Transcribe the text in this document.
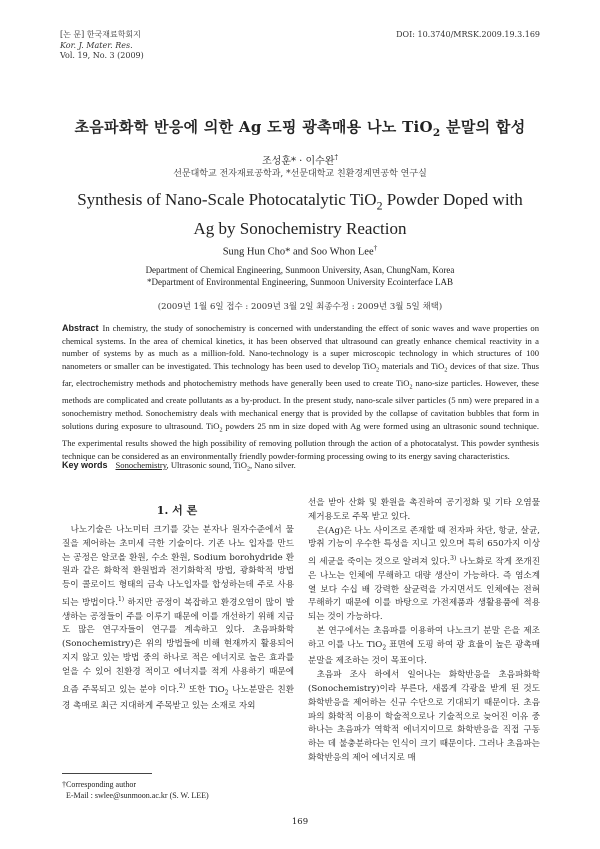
[논 문] 한국재료학회지
Kor. J. Mater. Res.
Vol. 19, No. 3 (2009)
DOI: 10.3740/MRSK.2009.19.3.169
초음파화학 반응에 의한 Ag 도핑 광촉매용 나노 TiO$_2$ 분말의 합성
조성훈* · 이수완†
선문대학교 전자재료공학과, *선문대학교 친환경계면공학 연구실
Synthesis of Nano-Scale Photocatalytic TiO$_2$ Powder Doped with
Ag by Sonochemistry Reaction
Sung Hun Cho* and Soo Whon Lee†
Department of Chemical Engineering, Sunmoon University, Asan, ChungNam, Korea
*Department of Environmental Engineering, Sunmoon University Ecointerface LAB
(2009년 1월 6일 접수 : 2009년 3월 2일 최종수정 : 2009년 3월 5일 채택)
Abstract In chemistry, the study of sonochemistry is concerned with understanding the effect of sonic waves and wave properties on chemical systems. In the area of chemical kinetics, it has been observed that ultrasound can greatly enhance chemical reactivity in a number of systems by as much as a million-fold. Nano-technology is a super microscopic technology in which structures of 100 nanometers or smaller can be investigated. This technology has been used to develop TiO$_2$ materials and TiO$_2$ devices of that size. Thus far, electrochemistry methods and photochemistry methods have generally been used to create TiO$_2$ nano-size particles. However, these methods are complicated and create pollutants as a by-product. In the present study, nano-scale silver particles (5 nm) were prepared in a sonochemistry method. Sonochemistry deals with mechanical energy that is provided by the collapse of cavitation bubbles that form in solutions during exposure to ultrasound. TiO$_2$ powders 25 nm in size doped with Ag were formed using an ultrasonic sound technique. The experimental results showed the high possibility of removing pollution through the action of a photocatalyst. This powder synthesis technique can be considered as an environmentally friendly powder-forming processing owing to its energy saving characteristics.
Key words Sonochemistry, Ultrasonic sound, TiO$_2$, Nano silver.
1. 서 론

나노기술은 나노미터 크기를 갖는 분자나 원자수준에서 물질을 제어하는 초미세 극한 기술이다. 기존 나노 입자를 만드는 공정은 알코올 환원, 수소 환원, Sodium borohydride 환원과 같은 화학적 환원법과 전기화학적 방법, 광화학적 방법 등이 콜로이드 형태의 금속 나노입자를 합성하는데 주로 사용되는 방법이다.$^{1)}$ 하지만 공정이 복잡하고 환경오염이 많이 발생하는 공정들이 주를 이루기 때문에 이를 개선하기 위해 지금도 많은 연구자들이 연구를 계속하고 있다. 초음파화학(Sonochemistry)은 위의 방법들에 비해 현재까지 활용되어지지 않고 있는 방법 중의 하나로 적은 에너지로 높은 효과를 얻을 수 있어 친환경 적이고 에너지를 적게 사용하기 때문에 요즘 주목되고 있는 분야 이다.$^{2)}$ 또한 TiO$_2$ 나노분말은 친환경 촉매로 최근 지대하게 주목받고 있는 소재로 자외

선을 받아 산화 및 환원을 촉진하여 공기정화 및 기타 오염물 제거용도로 주목 받고 있다.

은(Ag)은 나노 사이즈로 존재할 때 전자파 차단, 항균, 살균, 방취 기능이 우수한 특성을 지니고 있으며 특히 650가지 이상의 세균을 죽이는 것으로 알려져 있다.$^{3)}$ 나노화로 작게 쪼개진 은 나노는 인체에 무해하고 대량 생산이 가능하다. 즉 염소계열 보다 수십 배 강력한 살균력을 가지면서도 인체에는 전혀 무해하기 때문에 이를 바탕으로 가전제품과 생활용품에 적용되는 것이 가능하다.

본 연구에서는 초음파를 이용하여 나노크기 분말 은을 제조하고 이를 나노 TiO$_2$ 표면에 도핑 하여 광 효율이 높은 광촉매분말을 제조하는 것이 목표이다.

초음파 조사 하에서 일어나는 화학반응을 초음파화학(Sonochemistry)이라 부른다, 새롭게 각광을 받게 된 것도 화학반응을 제어하는 신규 수단으로 기대되기 때문이다. 초음파의 화학적 이용이 학술적으로나 기술적으로 늦어진 이유 중 하나는 초음파가 역학적 에너지이므로 화학반응을 직접 구동하는 데 불충분하다는 인식이 크기 때문이다. 그러나 초음파는 화학반응의 제어 에너지로 매

†Corresponding author
E-Mail : swlee@sunmoon.ac.kr (S. W. LEE)
169
